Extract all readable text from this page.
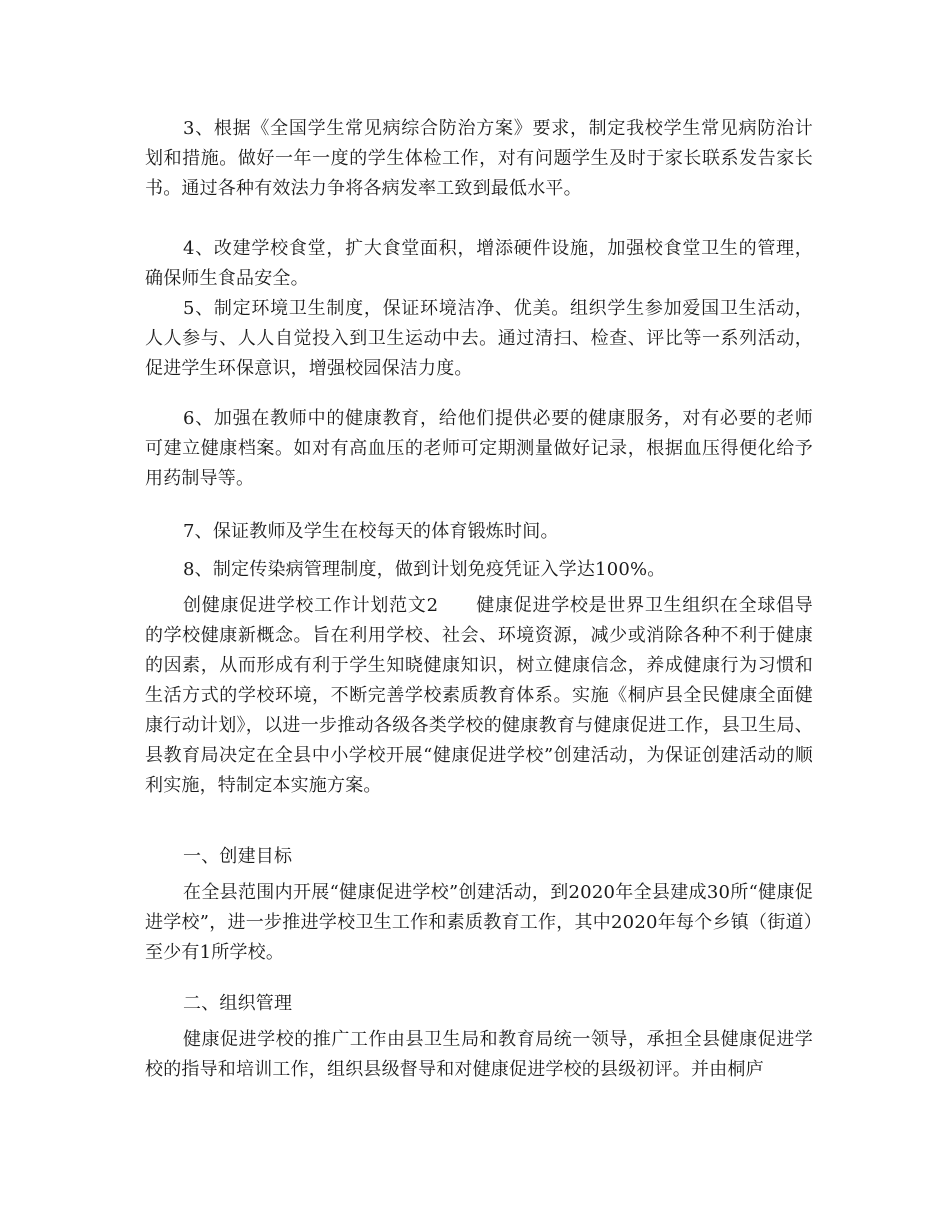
3、根据《全国学生常见病综合防治方案》要求，制定我校学生常见病防治计划和措施。做好一年一度的学生体检工作，对有问题学生及时于家长联系发告家长书。通过各种有效法力争将各病发率工致到最低水平。

4、改建学校食堂，扩大食堂面积，增添硬件设施，加强校食堂卫生的管理，确保师生食品安全。

5、制定环境卫生制度，保证环境洁净、优美。组织学生参加爱国卫生活动，人人参与、人人自觉投入到卫生运动中去。通过清扫、检查、评比等一系列活动，促进学生环保意识，增强校园保洁力度。

6、加强在教师中的健康教育，给他们提供必要的健康服务，对有必要的老师可建立健康档案。如对有高血压的老师可定期测量做好记录，根据血压得便化给予用药制导等。

7、保证教师及学生在校每天的体育锻炼时间。

8、制定传染病管理制度，做到计划免疫凭证入学达100%。

创健康促进学校工作计划范文2　　健康促进学校是世界卫生组织在全球倡导的学校健康新概念。旨在利用学校、社会、环境资源，减少或消除各种不利于健康的因素，从而形成有利于学生知晓健康知识，树立健康信念，养成健康行为习惯和生活方式的学校环境，不断完善学校素质教育体系。实施《桐庐县全民健康全面健康行动计划》，以进一步推动各级各类学校的健康教育与健康促进工作，县卫生局、县教育局决定在全县中小学校开展“健康促进学校”创建活动，为保证创建活动的顺利实施，特制定本实施方案。

一、创建目标

在全县范围内开展“健康促进学校”创建活动，到2020年全县建成30所“健康促进学校”，进一步推进学校卫生工作和素质教育工作，其中2020年每个乡镇（街道）至少有1所学校。

二、组织管理

健康促进学校的推广工作由县卫生局和教育局统一领导，承担全县健康促进学校的指导和培训工作，组织县级督导和对健康促进学校的县级初评。并由桐庐
